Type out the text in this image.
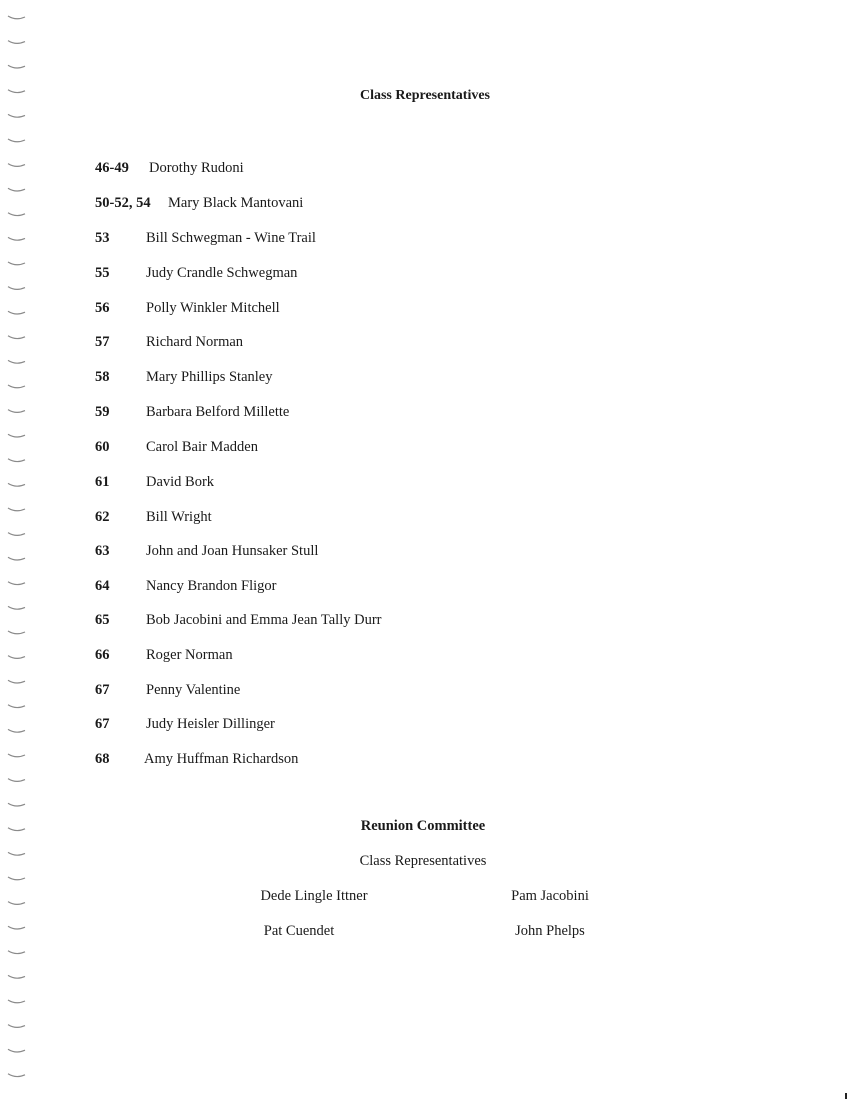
Class Representatives
46-49 Dorothy Rudoni
50-52, 54 Mary Black Mantovani
53	Bill Schwegman - Wine Trail
55	Judy Crandle Schwegman
56	Polly Winkler Mitchell
57	Richard Norman
58	Mary Phillips Stanley
59	Barbara Belford Millette
60	Carol Bair Madden
61	David Bork
62	Bill Wright
63	John and Joan Hunsaker Stull
64	Nancy Brandon Fligor
65	Bob Jacobini and Emma Jean Tally Durr
66	Roger Norman
67	Penny Valentine
67	Judy Heisler Dillinger
68 Amy Huffman Richardson
Reunion Committee
Class Representatives
Dede Lingle Ittner	Pam Jacobini
Pat Cuendet	John Phelps
